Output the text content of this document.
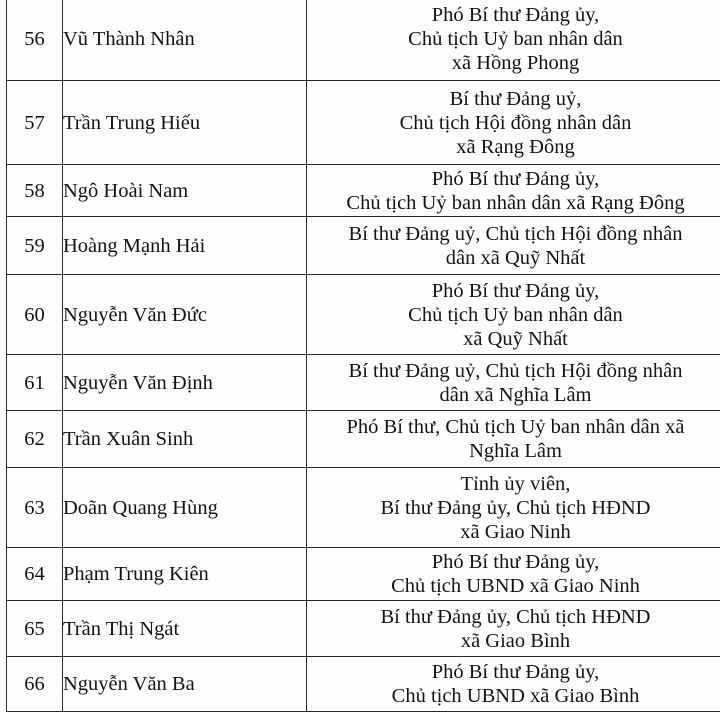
56	Vũ Thành Nhân	Phó Bí thư Đảng ủy,
Chủ tịch Uỷ ban nhân dân
xã Hồng Phong

57	Trần Trung Hiếu	Bí thư Đảng uỷ,
Chủ tịch Hội đồng nhân dân
xã Rạng Đông

58	Ngô Hoài Nam	Phó Bí thư Đảng ủy,
Chủ tịch Uỷ ban nhân dân xã Rạng Đông

59	Hoàng Mạnh Hải	Bí thư Đảng uỷ, Chủ tịch Hội đồng nhân
dân xã Quỹ Nhất

60	Nguyễn Văn Đức	Phó Bí thư Đảng ủy,
Chủ tịch Uỷ ban nhân dân
xã Quỹ Nhất

61	Nguyễn Văn Định	Bí thư Đảng uỷ, Chủ tịch Hội đồng nhân
dân xã Nghĩa Lâm

62	Trần Xuân Sinh	Phó Bí thư, Chủ tịch Uỷ ban nhân dân xã
Nghĩa Lâm

63	Doãn Quang Hùng	Tỉnh ủy viên,
Bí thư Đảng ủy, Chủ tịch HĐND
xã Giao Ninh

64	Phạm Trung Kiên	Phó Bí thư Đảng ủy,
Chủ tịch UBND xã Giao Ninh

65	Trần Thị Ngát	Bí thư Đảng ủy, Chủ tịch HĐND
xã Giao Bình

66	Nguyễn Văn Ba	Phó Bí thư Đảng ủy,
Chủ tịch UBND xã Giao Bình
